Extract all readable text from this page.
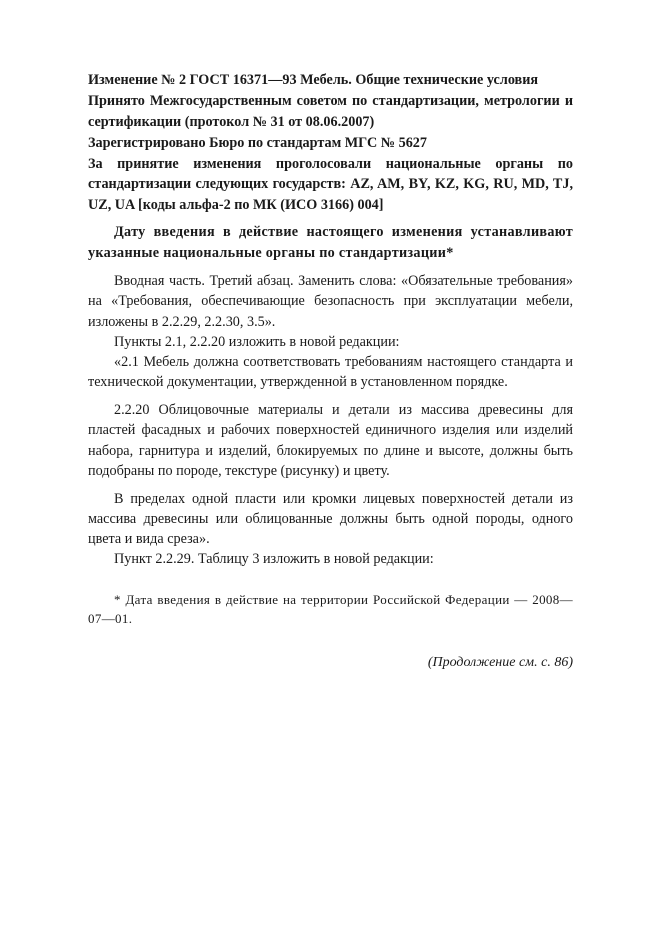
Изменение № 2 ГОСТ 16371—93 Мебель. Общие технические условия
Принято Межгосударственным советом по стандартизации, метрологии и сертификации (протокол № 31 от 08.06.2007)
Зарегистрировано Бюро по стандартам МГС № 5627
За принятие изменения проголосовали национальные органы по стандартизации следующих государств: AZ, AM, BY, KZ, KG, RU, MD, TJ, UZ, UA [коды альфа-2 по МК (ИСО 3166) 004]
Дату введения в действие настоящего изменения устанавливают указанные национальные органы по стандартизации*

Вводная часть. Третий абзац. Заменить слова: «Обязательные требования» на «Требования, обеспечивающие безопасность при эксплуатации мебели, изложены в 2.2.29, 2.2.30, 3.5».

Пункты 2.1, 2.2.20 изложить в новой редакции:

«2.1 Мебель должна соответствовать требованиям настоящего стандарта и технической документации, утвержденной в установленном порядке.

2.2.20 Облицовочные материалы и детали из массива древесины для пластей фасадных и рабочих поверхностей единичного изделия или изделий набора, гарнитура и изделий, блокируемых по длине и высоте, должны быть подобраны по породе, текстуре (рисунку) и цвету.

В пределах одной пласти или кромки лицевых поверхностей детали из массива древесины или облицованные должны быть одной породы, одного цвета и вида среза».

Пункт 2.2.29. Таблицу 3 изложить в новой редакции:

* Дата введения в действие на территории Российской Федерации — 2008—07—01.

(Продолжение см. с. 86)
